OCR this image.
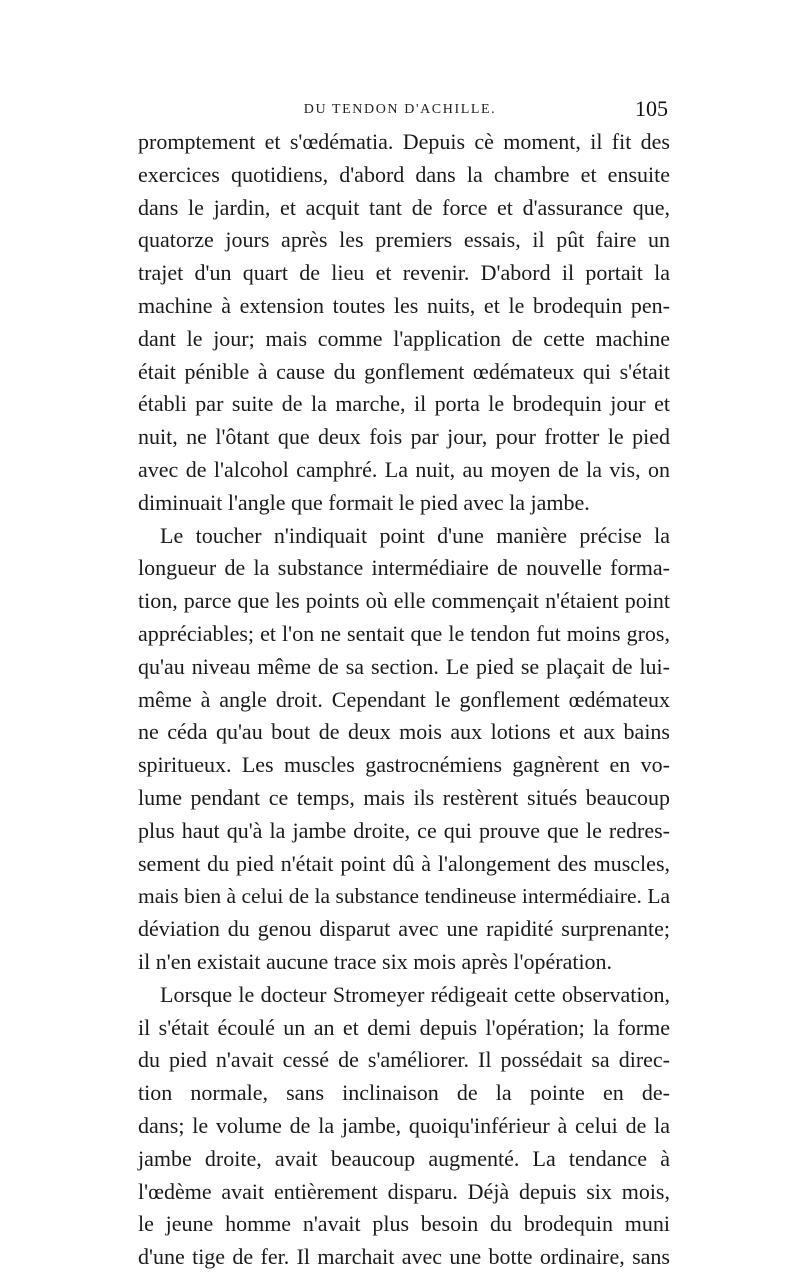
DU TENDON D'ACHILLE.	105
promptement et s'œdématia. Depuis cè moment, il fit des
exercices quotidiens, d'abord dans la chambre et ensuite
dans le jardin, et acquit tant de force et d'assurance que,
quatorze jours après les premiers essais, il pût faire un
trajet d'un quart de lieu et revenir. D'abord il portait la
machine à extension toutes les nuits, et le brodequin pen-
dant le jour; mais comme l'application de cette machine
était pénible à cause du gonflement œdémateux qui s'était
établi par suite de la marche, il porta le brodequin jour et
nuit, ne l'ôtant que deux fois par jour, pour frotter le pied
avec de l'alcohol camphré. La nuit, au moyen de la vis, on
diminuait l'angle que formait le pied avec la jambe.
Le toucher n'indiquait point d'une manière précise la
longueur de la substance intermédiaire de nouvelle forma-
tion, parce que les points où elle commençait n'étaient point
appréciables; et l'on ne sentait que le tendon fut moins gros,
qu'au niveau même de sa section. Le pied se plaçait de lui-
même à angle droit. Cependant le gonflement œdémateux
ne céda qu'au bout de deux mois aux lotions et aux bains
spiritueux. Les muscles gastrocnémiens gagnèrent en vo-
lume pendant ce temps, mais ils restèrent situés beaucoup
plus haut qu'à la jambe droite, ce qui prouve que le redres-
sement du pied n'était point dû à l'alongement des muscles,
mais bien à celui de la substance tendineuse intermédiaire. La
déviation du genou disparut avec une rapidité surprenante;
il n'en existait aucune trace six mois après l'opération.
Lorsque le docteur Stromeyer rédigeait cette observation,
il s'était écoulé un an et demi depuis l'opération; la forme
du pied n'avait cessé de s'améliorer. Il possédait sa direc-
tion normale, sans inclinaison de la pointe en de-
dans; le volume de la jambe, quoiqu'inférieur à celui de la
jambe droite, avait beaucoup augmenté. La tendance à
l'œdème avait entièrement disparu. Déjà depuis six mois,
le jeune homme n'avait plus besoin du brodequin muni
d'une tige de fer. Il marchait avec une botte ordinaire, sans
